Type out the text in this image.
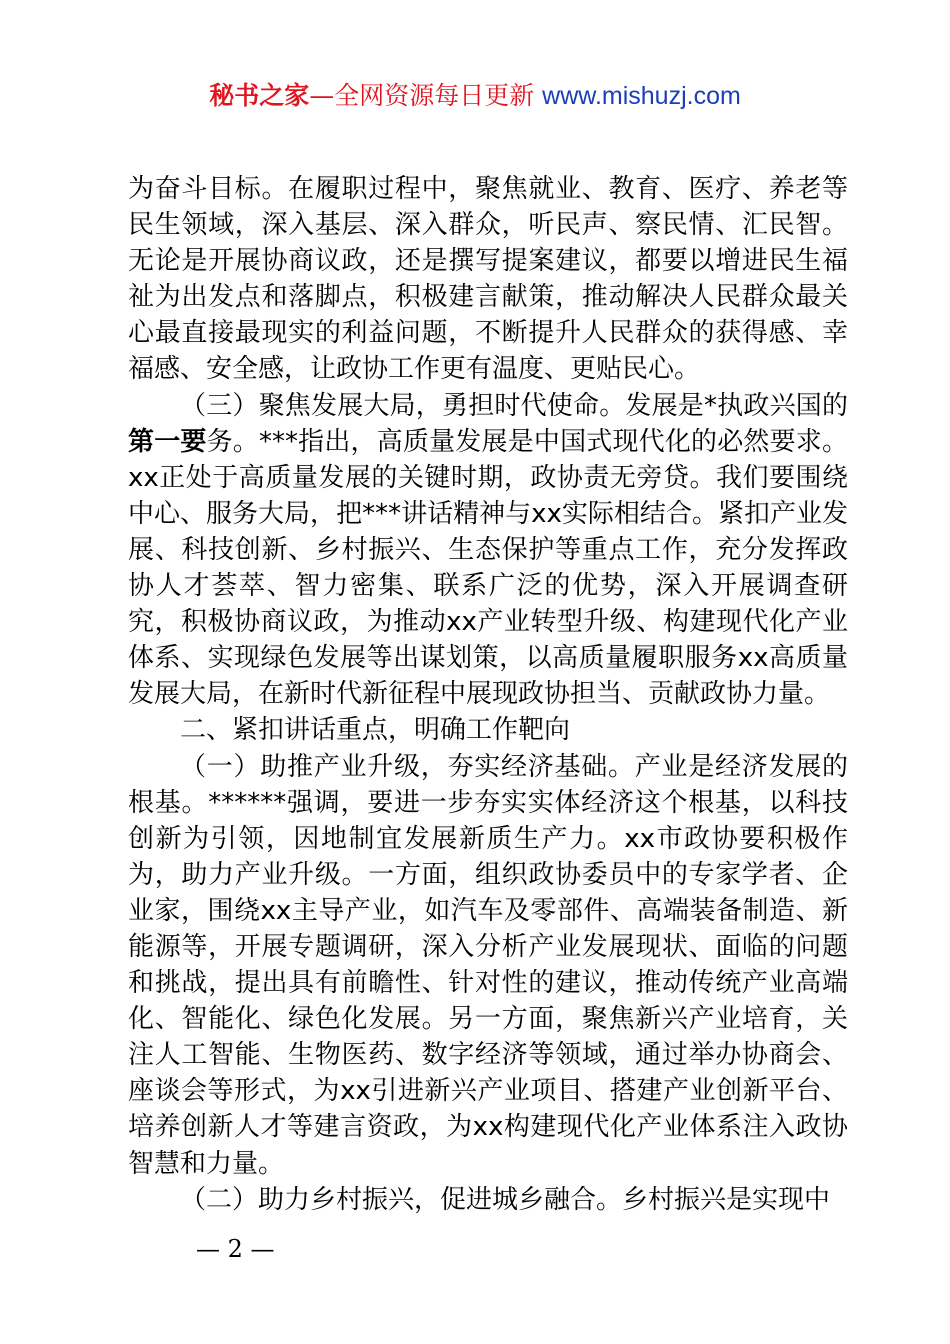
秘书之家—全网资源每日更新 www.mishuzj.com

为奋斗目标。在履职过程中，聚焦就业、教育、医疗、养老等民生领域，深入基层、深入群众，听民声、察民情、汇民智。无论是开展协商议政，还是撰写提案建议，都要以增进民生福祉为出发点和落脚点，积极建言献策，推动解决人民群众最关心最直接最现实的利益问题，不断提升人民群众的获得感、幸福感、安全感，让政协工作更有温度、更贴民心。

（三）聚焦发展大局，勇担时代使命。发展是*执政兴国的第一要务。***指出，高质量发展是中国式现代化的必然要求。xx正处于高质量发展的关键时期，政协责无旁贷。我们要围绕中心、服务大局，把***讲话精神与xx实际相结合。紧扣产业发展、科技创新、乡村振兴、生态保护等重点工作，充分发挥政协人才荟萃、智力密集、联系广泛的优势，深入开展调查研究，积极协商议政，为推动xx产业转型升级、构建现代化产业体系、实现绿色发展等出谋划策，以高质量履职服务xx高质量发展大局，在新时代新征程中展现政协担当、贡献政协力量。

二、紧扣讲话重点，明确工作靶向

（一）助推产业升级，夯实经济基础。产业是经济发展的根基。******强调，要进一步夯实实体经济这个根基，以科技创新为引领，因地制宜发展新质生产力。xx市政协要积极作为，助力产业升级。一方面，组织政协委员中的专家学者、企业家，围绕xx主导产业，如汽车及零部件、高端装备制造、新能源等，开展专题调研，深入分析产业发展现状、面临的问题和挑战，提出具有前瞻性、针对性的建议，推动传统产业高端化、智能化、绿色化发展。另一方面，聚焦新兴产业培育，关注人工智能、生物医药、数字经济等领域，通过举办协商会、座谈会等形式，为xx引进新兴产业项目、搭建产业创新平台、培养创新人才等建言资政，为xx构建现代化产业体系注入政协智慧和力量。

（二）助力乡村振兴，促进城乡融合。乡村振兴是实现中

— 2 —
